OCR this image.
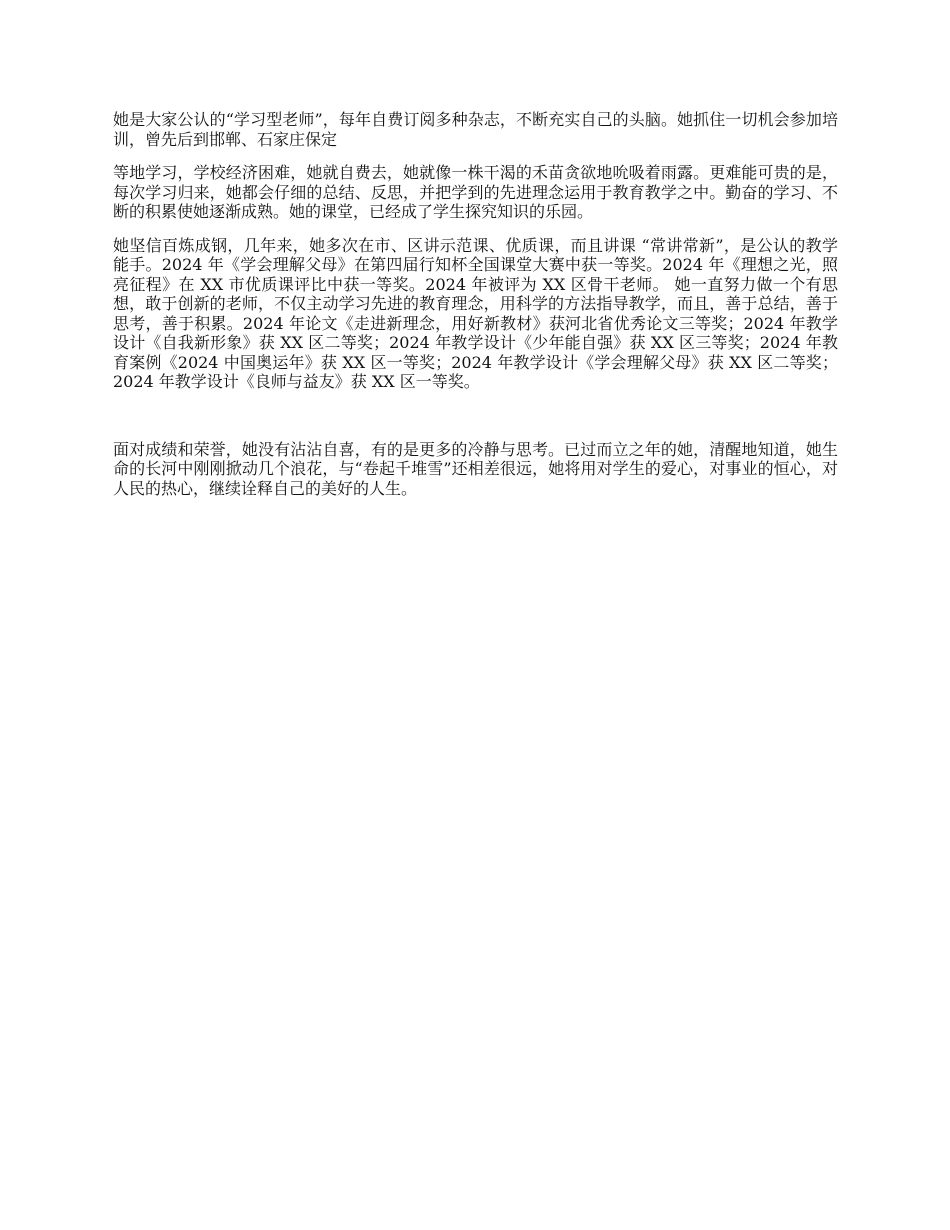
她是大家公认的“学习型老师”，每年自费订阅多种杂志，不断充实自己的头脑。她抓住一切机会参加培训，曾先后到邯郸、石家庄保定

等地学习，学校经济困难，她就自费去，她就像一株干渴的禾苗贪欲地吮吸着雨露。更难能可贵的是，每次学习归来，她都会仔细的总结、反思，并把学到的先进理念运用于教育教学之中。勤奋的学习、不断的积累使她逐渐成熟。她的课堂，已经成了学生探究知识的乐园。

她坚信百炼成钢，几年来，她多次在市、区讲示范课、优质课，而且讲课 “常讲常新”，是公认的教学能手。2024 年《学会理解父母》在第四届行知杯全国课堂大赛中获一等奖。2024 年《理想之光，照亮征程》在 XX 市优质课评比中获一等奖。2024 年被评为 XX 区骨干老师。 她一直努力做一个有思想，敢于创新的老师，不仅主动学习先进的教育理念，用科学的方法指导教学，而且，善于总结，善于思考，善于积累。2024 年论文《走进新理念，用好新教材》获河北省优秀论文三等奖；2024 年教学设计《自我新形象》获 XX 区二等奖；2024 年教学设计《少年能自强》获 XX 区三等奖；2024 年教育案例《2024 中国奥运年》获 XX 区一等奖；2024 年教学设计《学会理解父母》获 XX 区二等奖；2024 年教学设计《良师与益友》获 XX 区一等奖。

面对成绩和荣誉，她没有沾沾自喜，有的是更多的冷静与思考。已过而立之年的她，清醒地知道，她生命的长河中刚刚掀动几个浪花，与“卷起千堆雪”还相差很远，她将用对学生的爱心，对事业的恒心，对人民的热心，继续诠释自己的美好的人生。
